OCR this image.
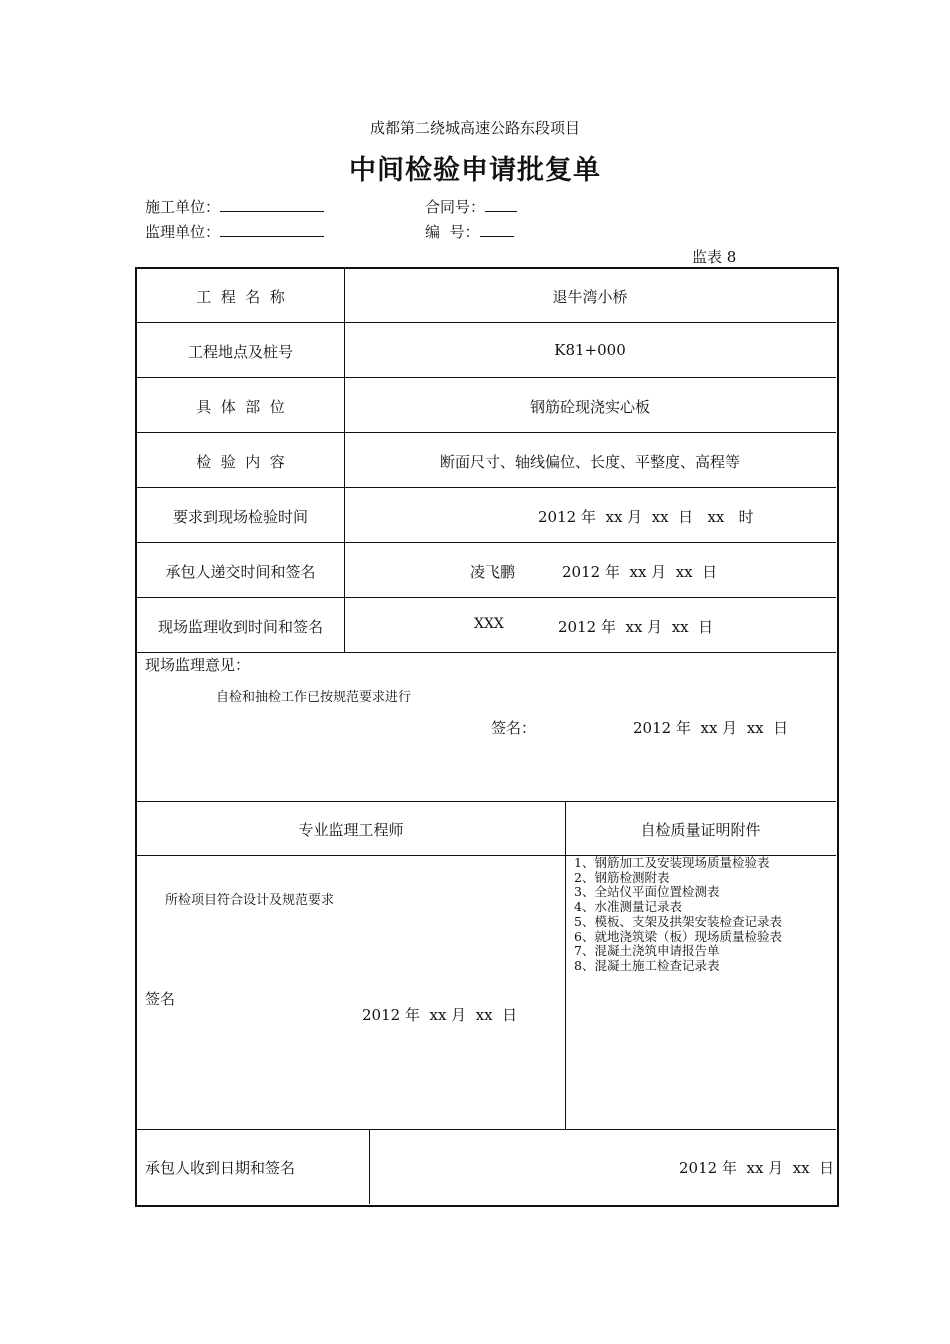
成都第二绕城高速公路东段项目
中间检验申请批复单
施工单位：	合同号：
监理单位：	编  号：
监表 8
工  程  名  称	退牛湾小桥
工程地点及桩号	K81+000
具  体  部  位	钢筋砼现浇实心板
检  验  内  容	断面尺寸、轴线偏位、长度、平整度、高程等
要求到现场检验时间	2012 年  xx 月  xx  日   xx   时
承包人递交时间和签名	凌飞鹏	2012 年  xx 月  xx  日
现场监理收到时间和签名	XXX	2012 年  xx 月  xx  日
现场监理意见：
自检和抽检工作已按规范要求进行
签名：	2012 年  xx 月  xx  日
专业监理工程师	自检质量证明附件
所检项目符合设计及规范要求
签名
2012 年  xx 月  xx  日
1、钢筋加工及安装现场质量检验表
2、钢筋检测附表
3、全站仪平面位置检测表
4、水准测量记录表
5、模板、支架及拱架安装检查记录表
6、就地浇筑梁（板）现场质量检验表
7、混凝土浇筑申请报告单
8、混凝土施工检查记录表
承包人收到日期和签名	2012 年  xx 月  xx  日
